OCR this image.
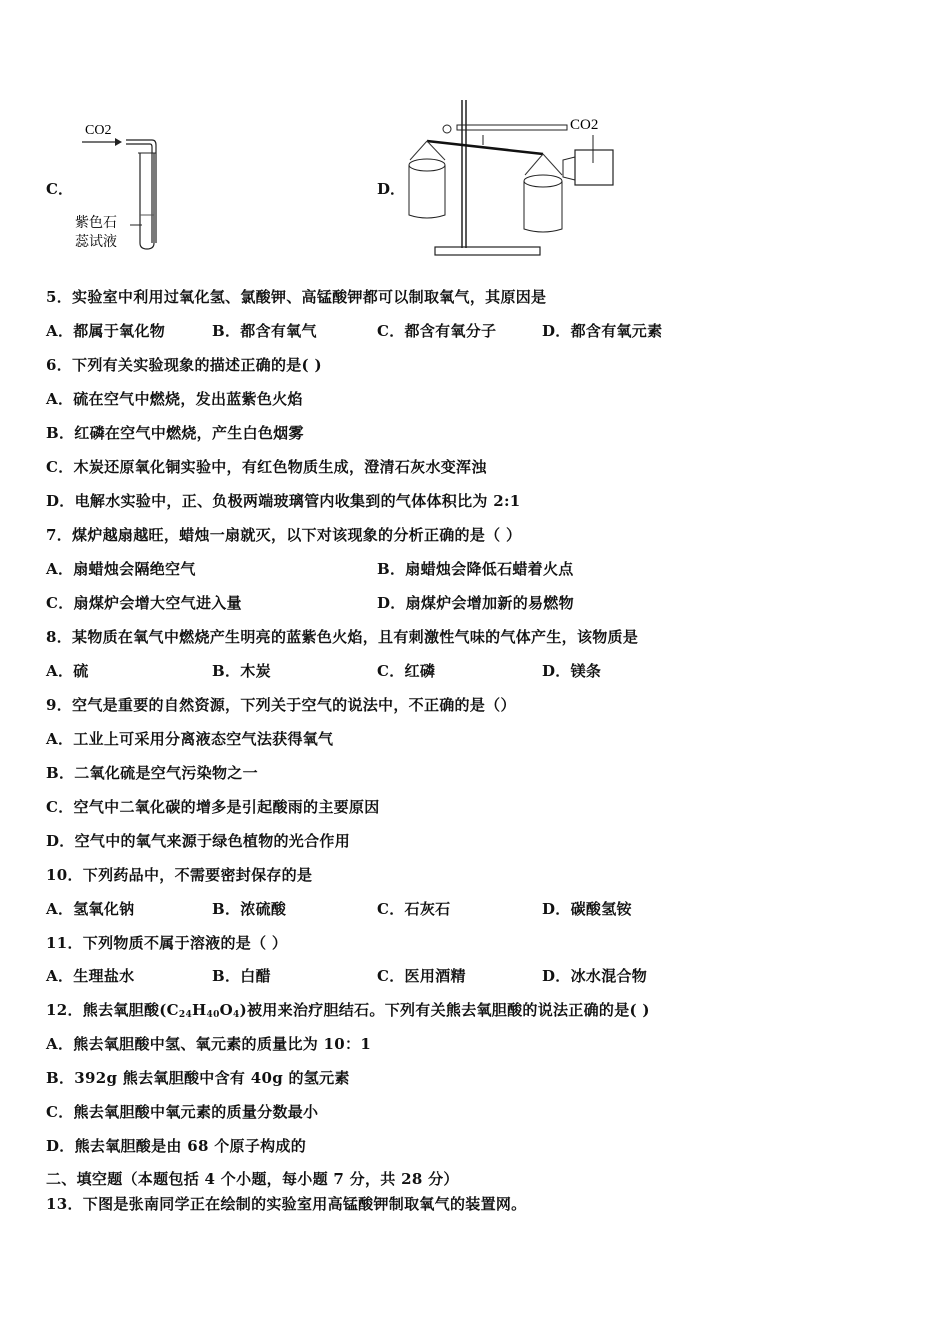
C．
CO2
紫色石
蕊试液
D．
CO2
5．实验室中利用过氧化氢、氯酸钾、高锰酸钾都可以制取氧气，其原因是
A．都属于氧化物	B．都含有氧气	C．都含有氧分子	D．都含有氧元素
6．下列有关实验现象的描述正确的是( )
A．硫在空气中燃烧，发出蓝紫色火焰
B．红磷在空气中燃烧，产生白色烟雾
C．木炭还原氧化铜实验中，有红色物质生成，澄清石灰水变浑浊
D．电解水实验中，正、负极两端玻璃管内收集到的气体体积比为 2:1
7．煤炉越扇越旺，蜡烛一扇就灭，以下对该现象的分析正确的是（ ）
A．扇蜡烛会隔绝空气	B．扇蜡烛会降低石蜡着火点
C．扇煤炉会增大空气进入量	D．扇煤炉会增加新的易燃物
8．某物质在氧气中燃烧产生明亮的蓝紫色火焰，且有刺激性气味的气体产生，该物质是
A．硫	B．木炭	C．红磷	D．镁条
9．空气是重要的自然资源，下列关于空气的说法中，不正确的是（）
A．工业上可采用分离液态空气法获得氧气
B．二氧化硫是空气污染物之一
C．空气中二氧化碳的增多是引起酸雨的主要原因
D．空气中的氧气来源于绿色植物的光合作用
10．下列药品中，不需要密封保存的是
A．氢氧化钠	B．浓硫酸	C．石灰石	D．碳酸氢铵
11．下列物质不属于溶液的是（ ）
A．生理盐水	B．白醋	C．医用酒精	D．冰水混合物
12．熊去氧胆酸$(C_{24}H_{40}O_4)$被用来治疗胆结石。下列有关熊去氧胆酸的说法正确的是( )
A．熊去氧胆酸中氢、氧元素的质量比为 10：1
B．392g 熊去氧胆酸中含有 40g 的氢元素
C．熊去氧胆酸中氧元素的质量分数最小
D．熊去氧胆酸是由 68 个原子构成的
二、填空题（本题包括 4 个小题，每小题 7 分，共 28 分）
13．下图是张南同学正在绘制的实验室用高锰酸钾制取氧气的装置网。
